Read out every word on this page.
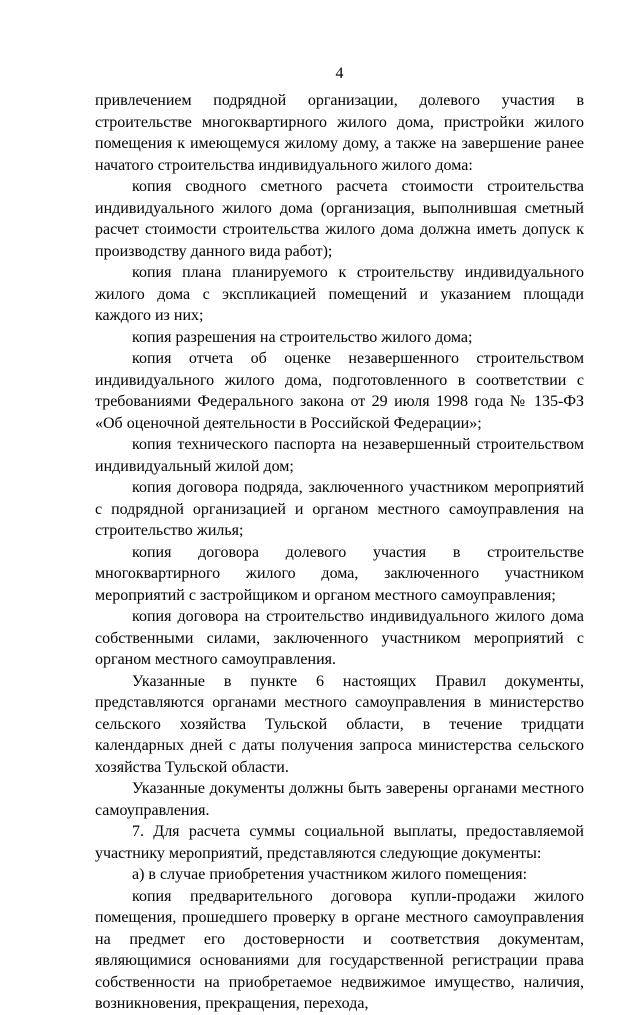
4

привлечением подрядной организации, долевого участия в строительстве многоквартирного жилого дома, пристройки жилого помещения к имеющемуся жилому дому, а также на завершение ранее начатого строительства индивидуального жилого дома:

копия сводного сметного расчета стоимости строительства индивидуального жилого дома (организация, выполнившая сметный расчет стоимости строительства жилого дома должна иметь допуск к производству данного вида работ);

копия плана планируемого к строительству индивидуального жилого дома с экспликацией помещений и указанием площади каждого из них;

копия разрешения на строительство жилого дома;

копия отчета об оценке незавершенного строительством индивидуального жилого дома, подготовленного в соответствии с требованиями Федерального закона от 29 июля 1998 года № 135-ФЗ «Об оценочной деятельности в Российской Федерации»;

копия технического паспорта на незавершенный строительством индивидуальный жилой дом;

копия договора подряда, заключенного участником мероприятий с подрядной организацией и органом местного самоуправления на строительство жилья;

копия договора долевого участия в строительстве многоквартирного жилого дома, заключенного участником мероприятий с застройщиком и органом местного самоуправления;

копия договора на строительство индивидуального жилого дома собственными силами, заключенного участником мероприятий с органом местного самоуправления.

Указанные в пункте 6 настоящих Правил документы, представляются органами местного самоуправления в министерство сельского хозяйства Тульской области, в течение тридцати календарных дней с даты получения запроса министерства сельского хозяйства Тульской области.

Указанные документы должны быть заверены органами местного самоуправления.

7. Для расчета суммы социальной выплаты, предоставляемой участнику мероприятий, представляются следующие документы:

а) в случае приобретения участником жилого помещения:

копия предварительного договора купли-продажи жилого помещения, прошедшего проверку в органе местного самоуправления на предмет его достоверности и соответствия документам, являющимися основаниями для государственной регистрации права собственности на приобретаемое недвижимое имущество, наличия, возникновения, прекращения, перехода,
